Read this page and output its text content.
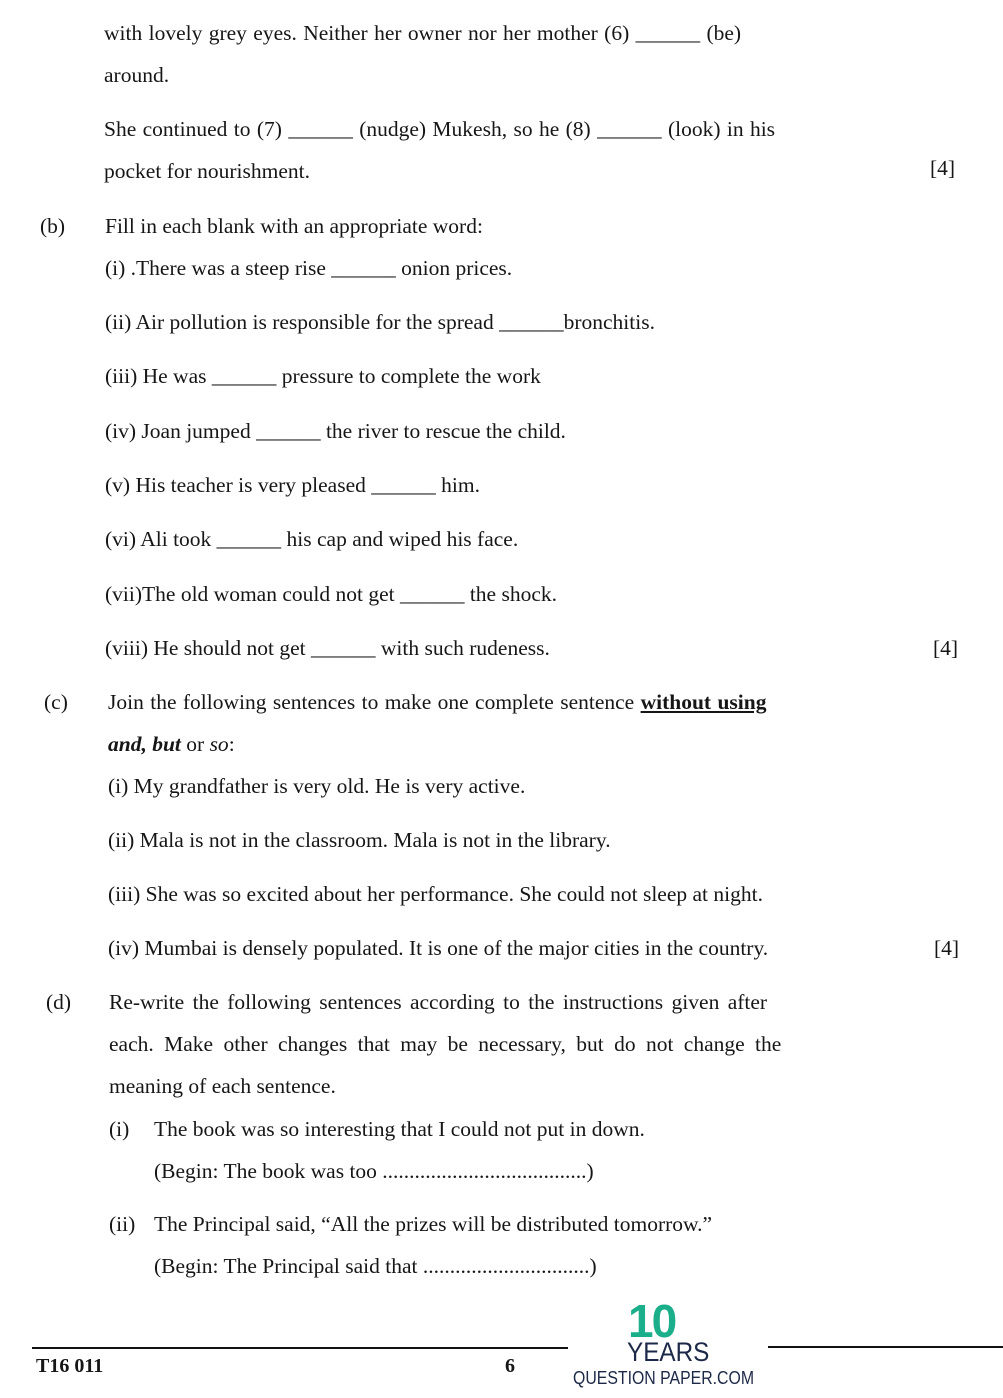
with lovely grey eyes. Neither her owner nor her mother (6) ______ (be)
around.
She continued to (7) ______ (nudge) Mukesh, so he (8) ______ (look) in his
pocket for nourishment.	[4]
(b) Fill in each blank with an appropriate word:
(i) .There was a steep rise ______ onion prices.
(ii) Air pollution is responsible for the spread ______bronchitis.
(iii) He was ______ pressure to complete the work
(iv) Joan jumped ______ the river to rescue the child.
(v) His teacher is very pleased ______ him.
(vi) Ali took ______ his cap and wiped his face.
(vii)The old woman could not get ______ the shock.
(viii) He should not get ______ with such rudeness.	[4]
(c) Join the following sentences to make one complete sentence without using
and, but or so:
(i) My grandfather is very old. He is very active.
(ii) Mala is not in the classroom. Mala is not in the library.
(iii) She was so excited about her performance. She could not sleep at night.
(iv) Mumbai is densely populated. It is one of the major cities in the country.	[4]
(d) Re-write the following sentences according to the instructions given after
each. Make other changes that may be necessary, but do not change the
meaning of each sentence.
(i) The book was so interesting that I could not put in down.
(Begin: The book was too ......................................)
(ii) The Principal said, “All the prizes will be distributed tomorrow.”
(Begin: The Principal said that ...............................)
T16 011	6
10
YEARS
QUESTION PAPER.COM
